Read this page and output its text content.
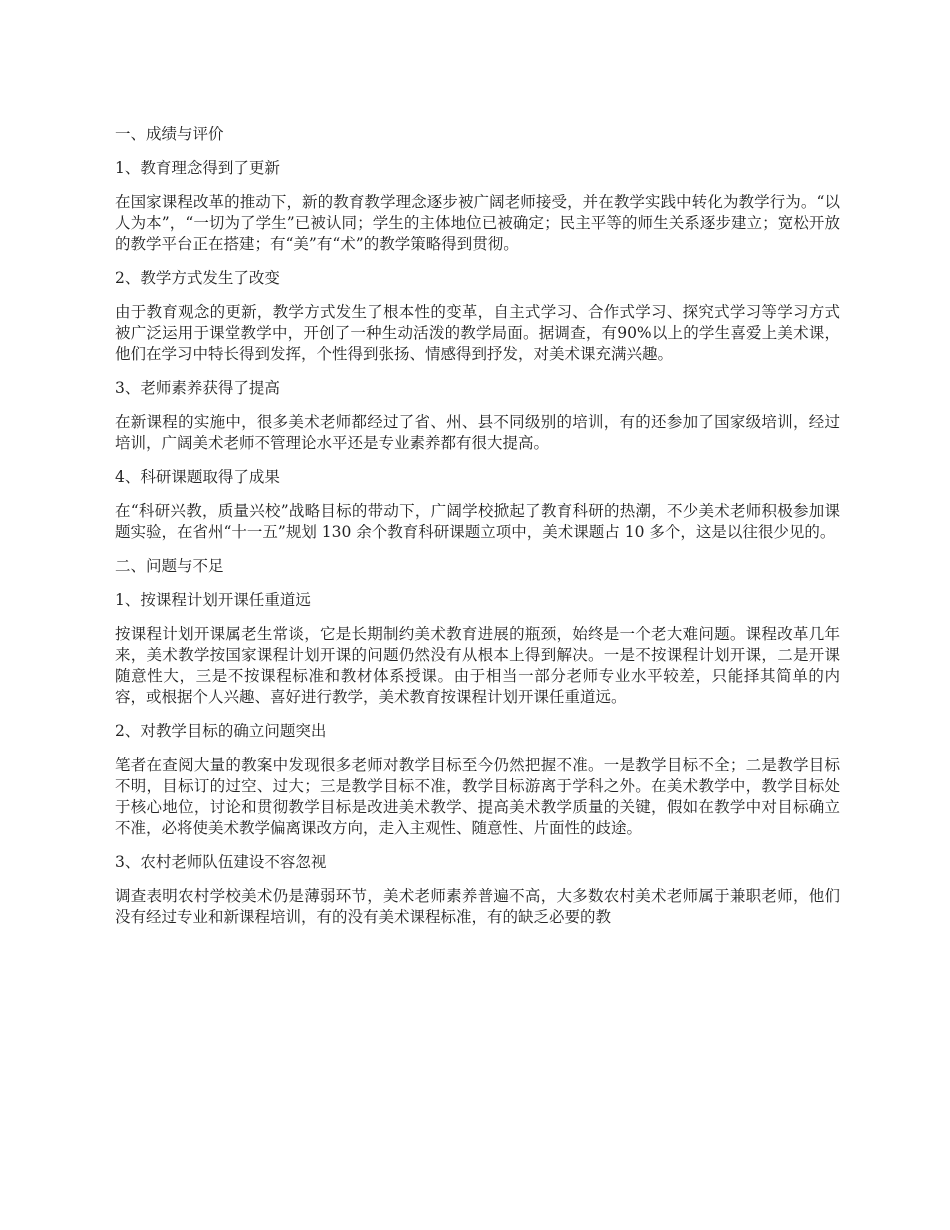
一、成绩与评价

1、教育理念得到了更新

在国家课程改革的推动下，新的教育教学理念逐步被广阔老师接受，并在教学实践中转化为教学行为。“以人为本”，“一切为了学生”已被认同；学生的主体地位已被确定；民主平等的师生关系逐步建立；宽松开放的教学平台正在搭建；有“美”有“术”的教学策略得到贯彻。

2、教学方式发生了改变

由于教育观念的更新，教学方式发生了根本性的变革，自主式学习、合作式学习、探究式学习等学习方式被广泛运用于课堂教学中，开创了一种生动活泼的教学局面。据调查，有90%以上的学生喜爱上美术课，他们在学习中特长得到发挥，个性得到张扬、情感得到抒发，对美术课充满兴趣。

3、老师素养获得了提高

在新课程的实施中，很多美术老师都经过了省、州、县不同级别的培训，有的还参加了国家级培训，经过培训，广阔美术老师不管理论水平还是专业素养都有很大提高。

4、科研课题取得了成果

在“科研兴教，质量兴校”战略目标的带动下，广阔学校掀起了教育科研的热潮，不少美术老师积极参加课题实验，在省州“十一五”规划 130 余个教育科研课题立项中，美术课题占 10 多个，这是以往很少见的。

二、问题与不足

1、按课程计划开课任重道远

按课程计划开课属老生常谈，它是长期制约美术教育进展的瓶颈，始终是一个老大难问题。课程改革几年来，美术教学按国家课程计划开课的问题仍然没有从根本上得到解决。一是不按课程计划开课，二是开课随意性大，三是不按课程标准和教材体系授课。由于相当一部分老师专业水平较差，只能择其简单的内容，或根据个人兴趣、喜好进行教学，美术教育按课程计划开课任重道远。

2、对教学目标的确立问题突出

笔者在查阅大量的教案中发现很多老师对教学目标至今仍然把握不准。一是教学目标不全；二是教学目标不明，目标订的过空、过大；三是教学目标不准，教学目标游离于学科之外。在美术教学中，教学目标处于核心地位，讨论和贯彻教学目标是改进美术教学、提高美术教学质量的关键，假如在教学中对目标确立不准，必将使美术教学偏离课改方向，走入主观性、随意性、片面性的歧途。

3、农村老师队伍建设不容忽视

调查表明农村学校美术仍是薄弱环节，美术老师素养普遍不高，大多数农村美术老师属于兼职老师，他们没有经过专业和新课程培训，有的没有美术课程标准，有的缺乏必要的教
